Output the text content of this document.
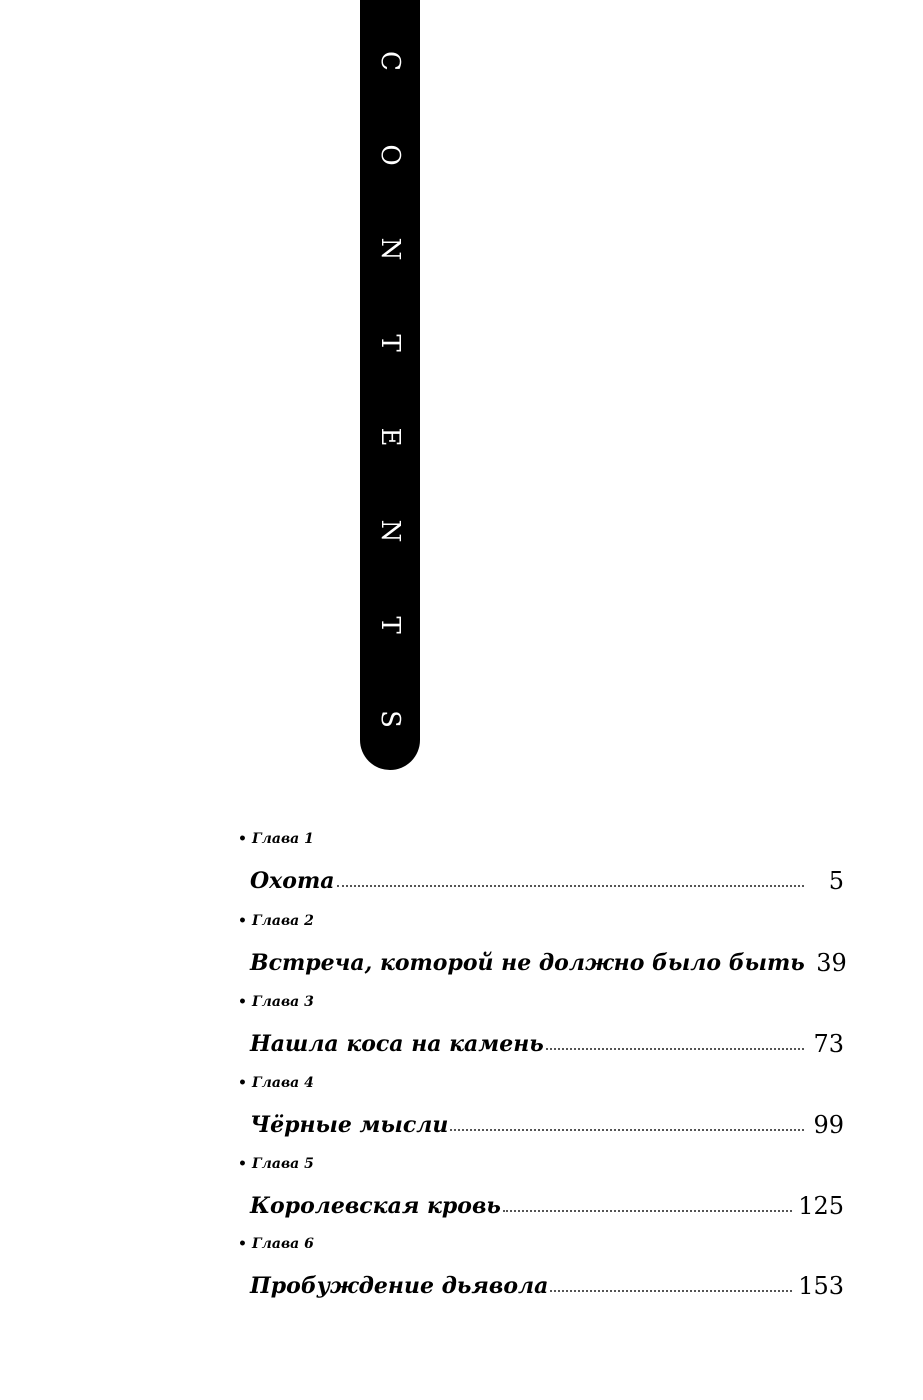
C
O
N
T
E
N
T
S
• Глава 1
Охота	5
• Глава 2
Встреча, которой не должно было быть 39
• Глава 3
Нашла коса на камень	73
• Глава 4
Чёрные мысли	99
• Глава 5
Королевская кровь	125
• Глава 6
Пробуждение дьявола	153
